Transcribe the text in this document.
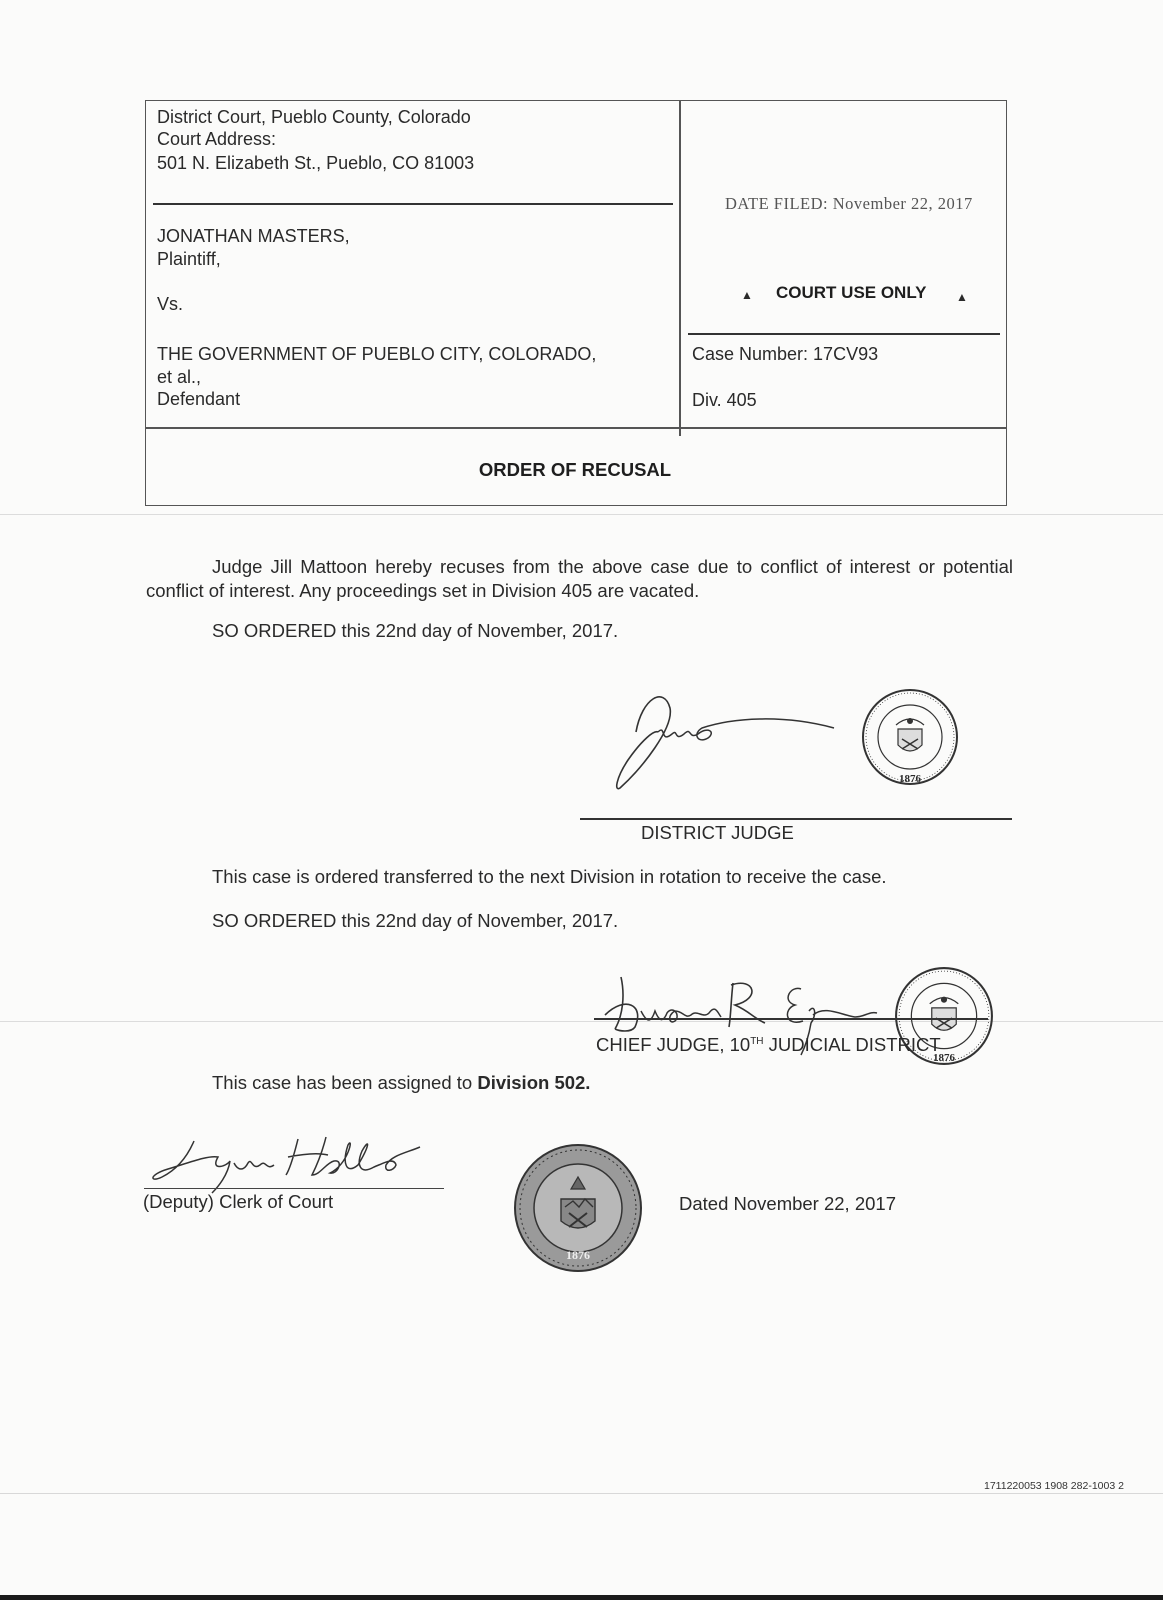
District Court, Pueblo County, Colorado
Court Address:
501 N. Elizabeth St., Pueblo, CO 81003
JONATHAN MASTERS,
Plaintiff,
Vs.
THE GOVERNMENT OF PUEBLO CITY, COLORADO,
et al.,
Defendant
DATE FILED: November 22, 2017
▲ COURT USE ONLY ▲
Case Number: 17CV93
Div. 405
ORDER OF RECUSAL
Judge Jill Mattoon hereby recuses from the above case due to conflict of interest or potential conflict of interest. Any proceedings set in Division 405 are vacated.
SO ORDERED this 22nd day of November, 2017.
1876
DISTRICT JUDGE
This case is ordered transferred to the next Division in rotation to receive the case.
SO ORDERED this 22nd day of November, 2017.
1876
CHIEF JUDGE, 10TH JUDICIAL DISTRICT
This case has been assigned to Division 502.
(Deputy) Clerk of Court
1876
Dated November 22, 2017
1711220053 1908 282-1003 2
